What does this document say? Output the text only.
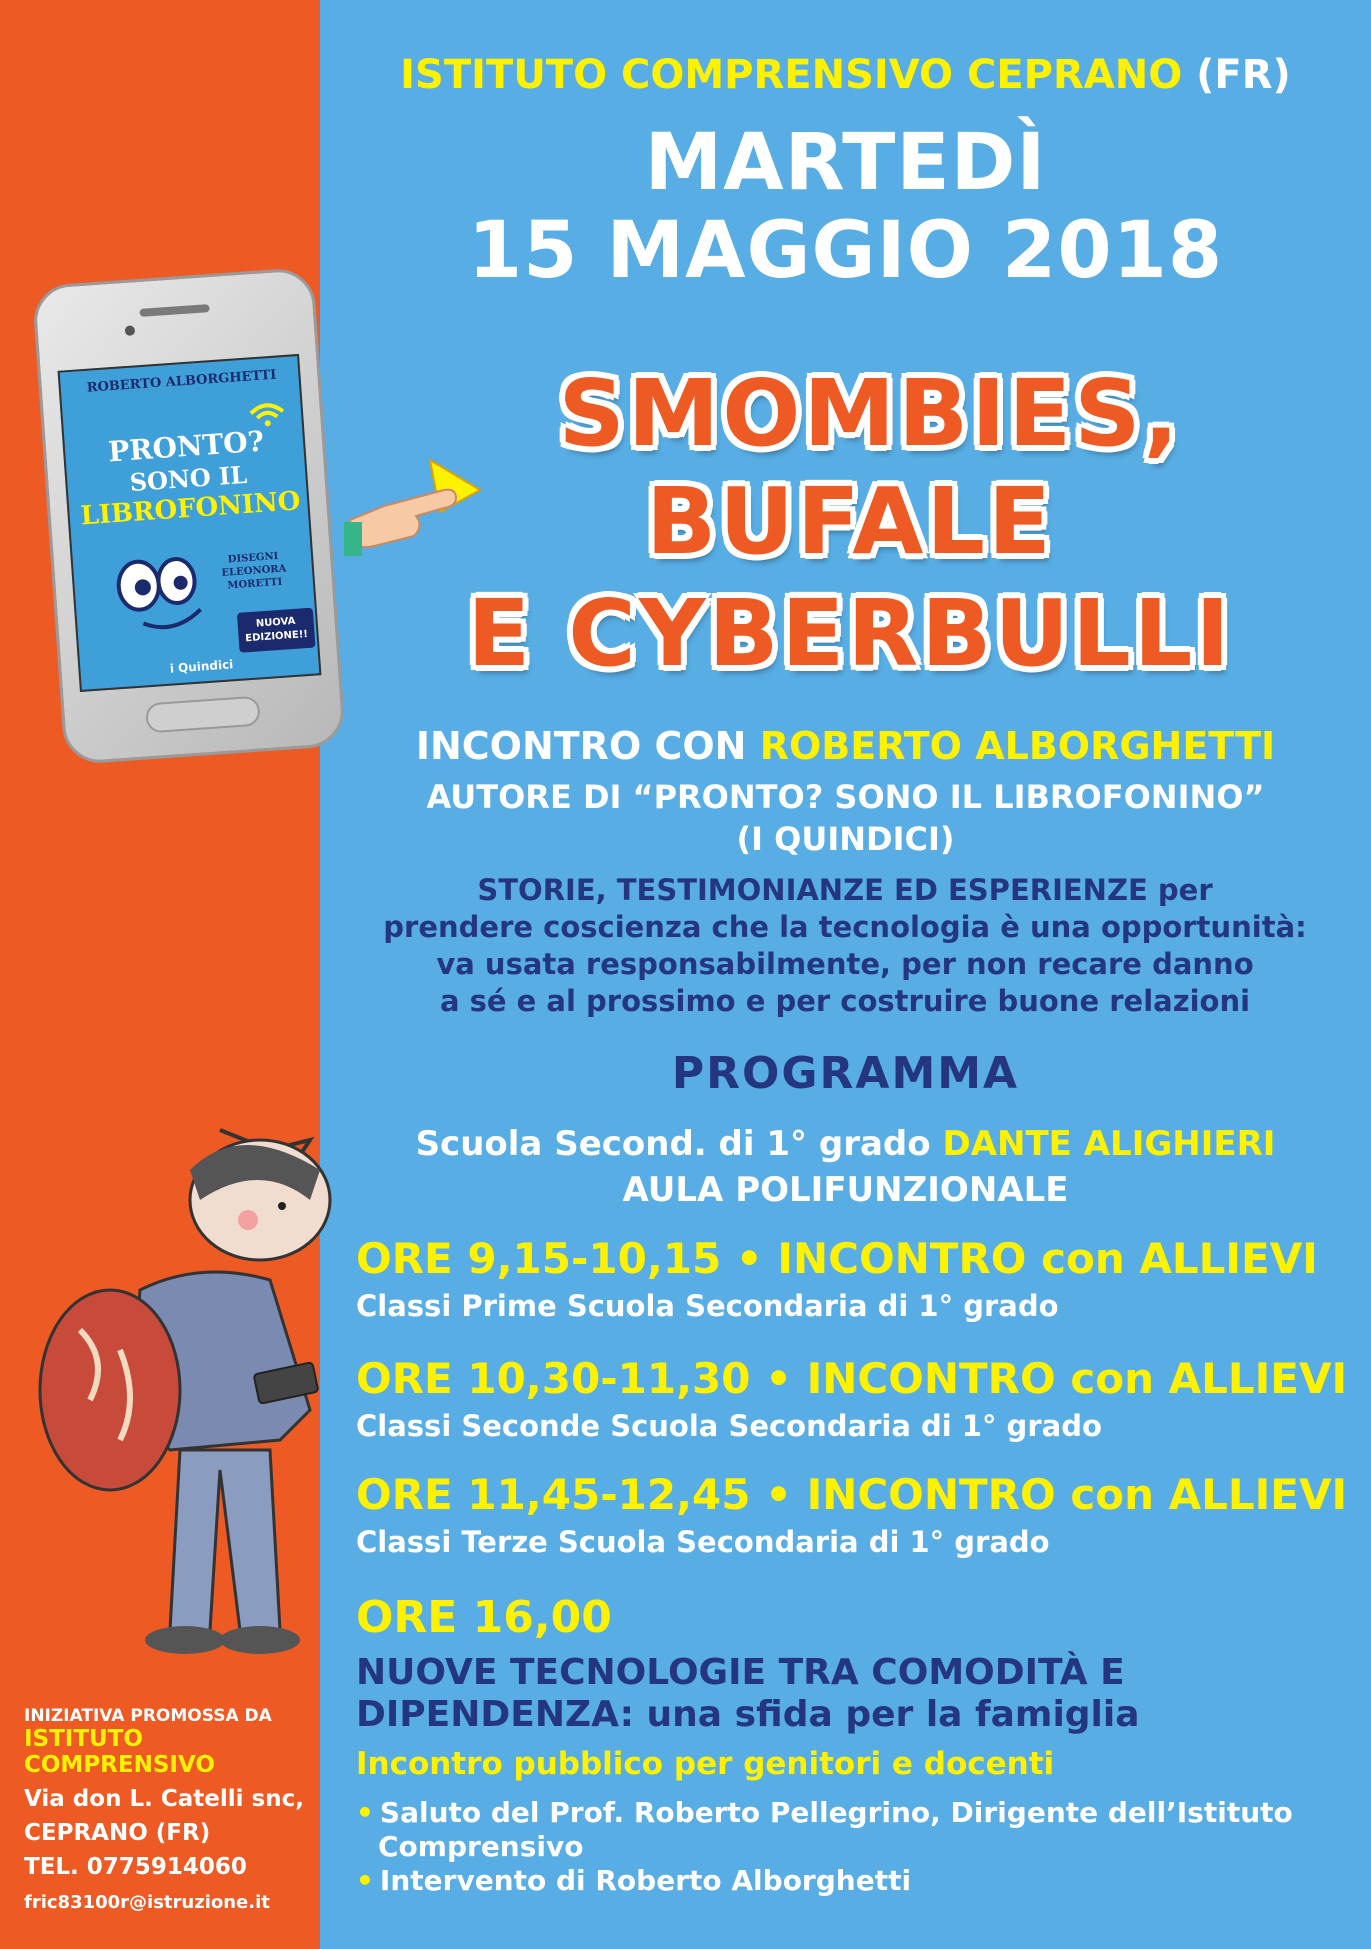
ISTITUTO COMPRENSIVO CEPRANO (FR)
MARTEDÌ
15 MAGGIO 2018
ROBERTO ALBORGHETTI
PRONTO?
SONO IL
LIBROFONINO
DISEGNI ELEONORA MORETTI
NUOVA EDIZIONE!!
i Quindici
SMOMBIES,
BUFALE
E CYBERBULLI
INCONTRO CON ROBERTO ALBORGHETTI
AUTORE DI “PRONTO? SONO IL LIBROFONINO”
(I QUINDICI)
STORIE, TESTIMONIANZE ED ESPERIENZE per
prendere coscienza che la tecnologia è una opportunità:
va usata responsabilmente, per non recare danno
a sé e al prossimo e per costruire buone relazioni
PROGRAMMA
Scuola Second. di 1° grado DANTE ALIGHIERI
AULA POLIFUNZIONALE
ORE 9,15-10,15 • INCONTRO con ALLIEVI
Classi Prime Scuola Secondaria di 1° grado
ORE 10,30-11,30 • INCONTRO con ALLIEVI
Classi Seconde Scuola Secondaria di 1° grado
ORE 11,45-12,45 • INCONTRO con ALLIEVI
Classi Terze Scuola Secondaria di 1° grado
ORE 16,00
NUOVE TECNOLOGIE TRA COMODITÀ E
DIPENDENZA: una sfida per la famiglia
Incontro pubblico per genitori e docenti
• Saluto del Prof. Roberto Pellegrino, Dirigente dell’Istituto
Comprensivo
• Intervento di Roberto Alborghetti
INIZIATIVA PROMOSSA DA
ISTITUTO
COMPRENSIVO
Via don L. Catelli snc,
CEPRANO (FR)
TEL. 0775914060
fric83100r@istruzione.it
